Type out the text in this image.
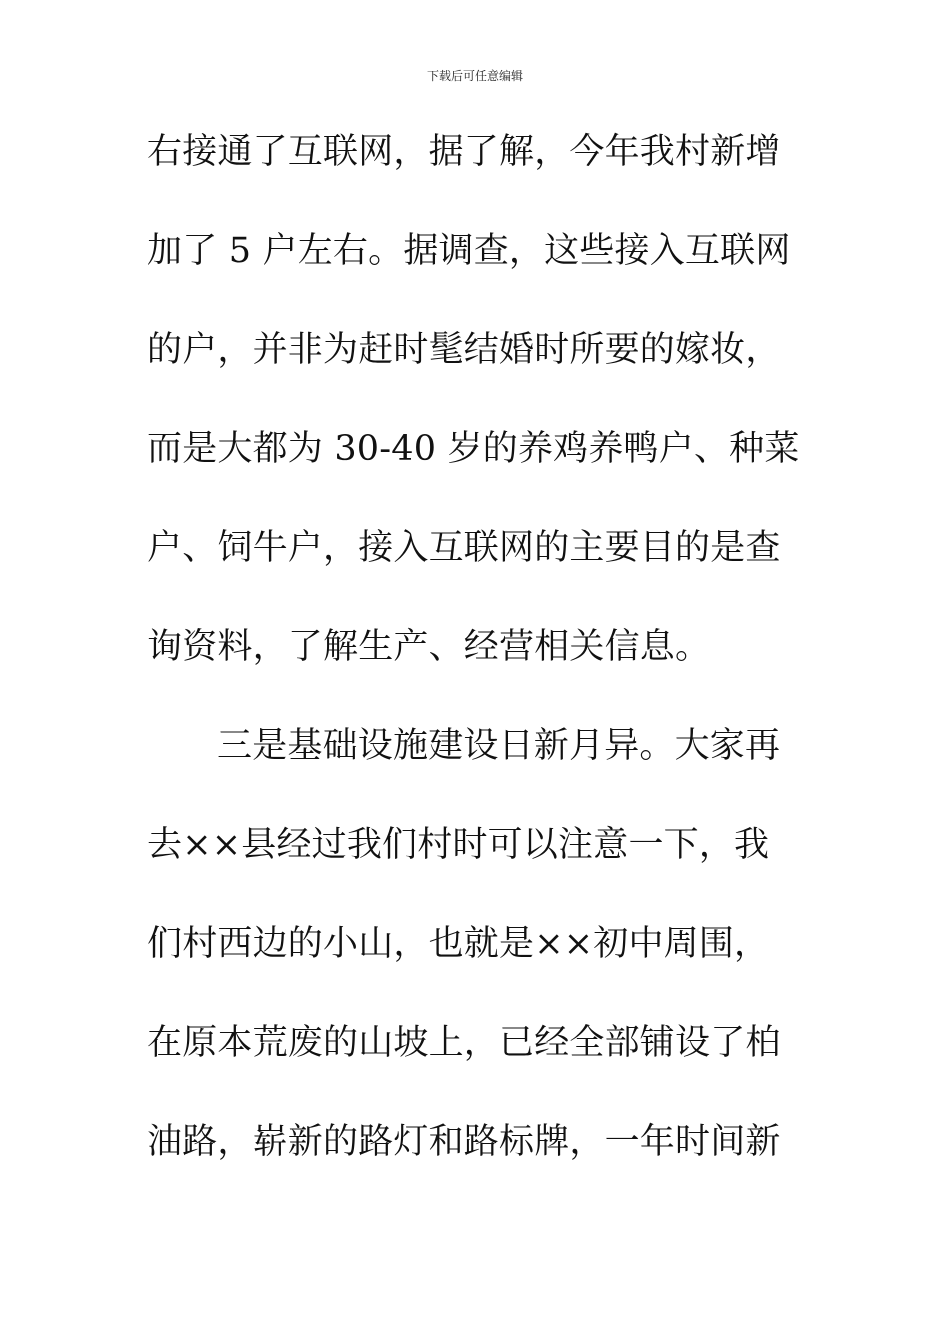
下载后可任意编辑
右接通了互联网，据了解，今年我村新增
加了 5 户左右。据调查，这些接入互联网
的户，并非为赶时髦结婚时所要的嫁妆，
而是大都为 30-40 岁的养鸡养鸭户、种菜
户、饲牛户，接入互联网的主要目的是查
询资料，了解生产、经营相关信息。
三是基础设施建设日新月异。大家再
去××县经过我们村时可以注意一下，我
们村西边的小山，也就是××初中周围，
在原本荒废的山坡上，已经全部铺设了柏
油路，崭新的路灯和路标牌，一年时间新
